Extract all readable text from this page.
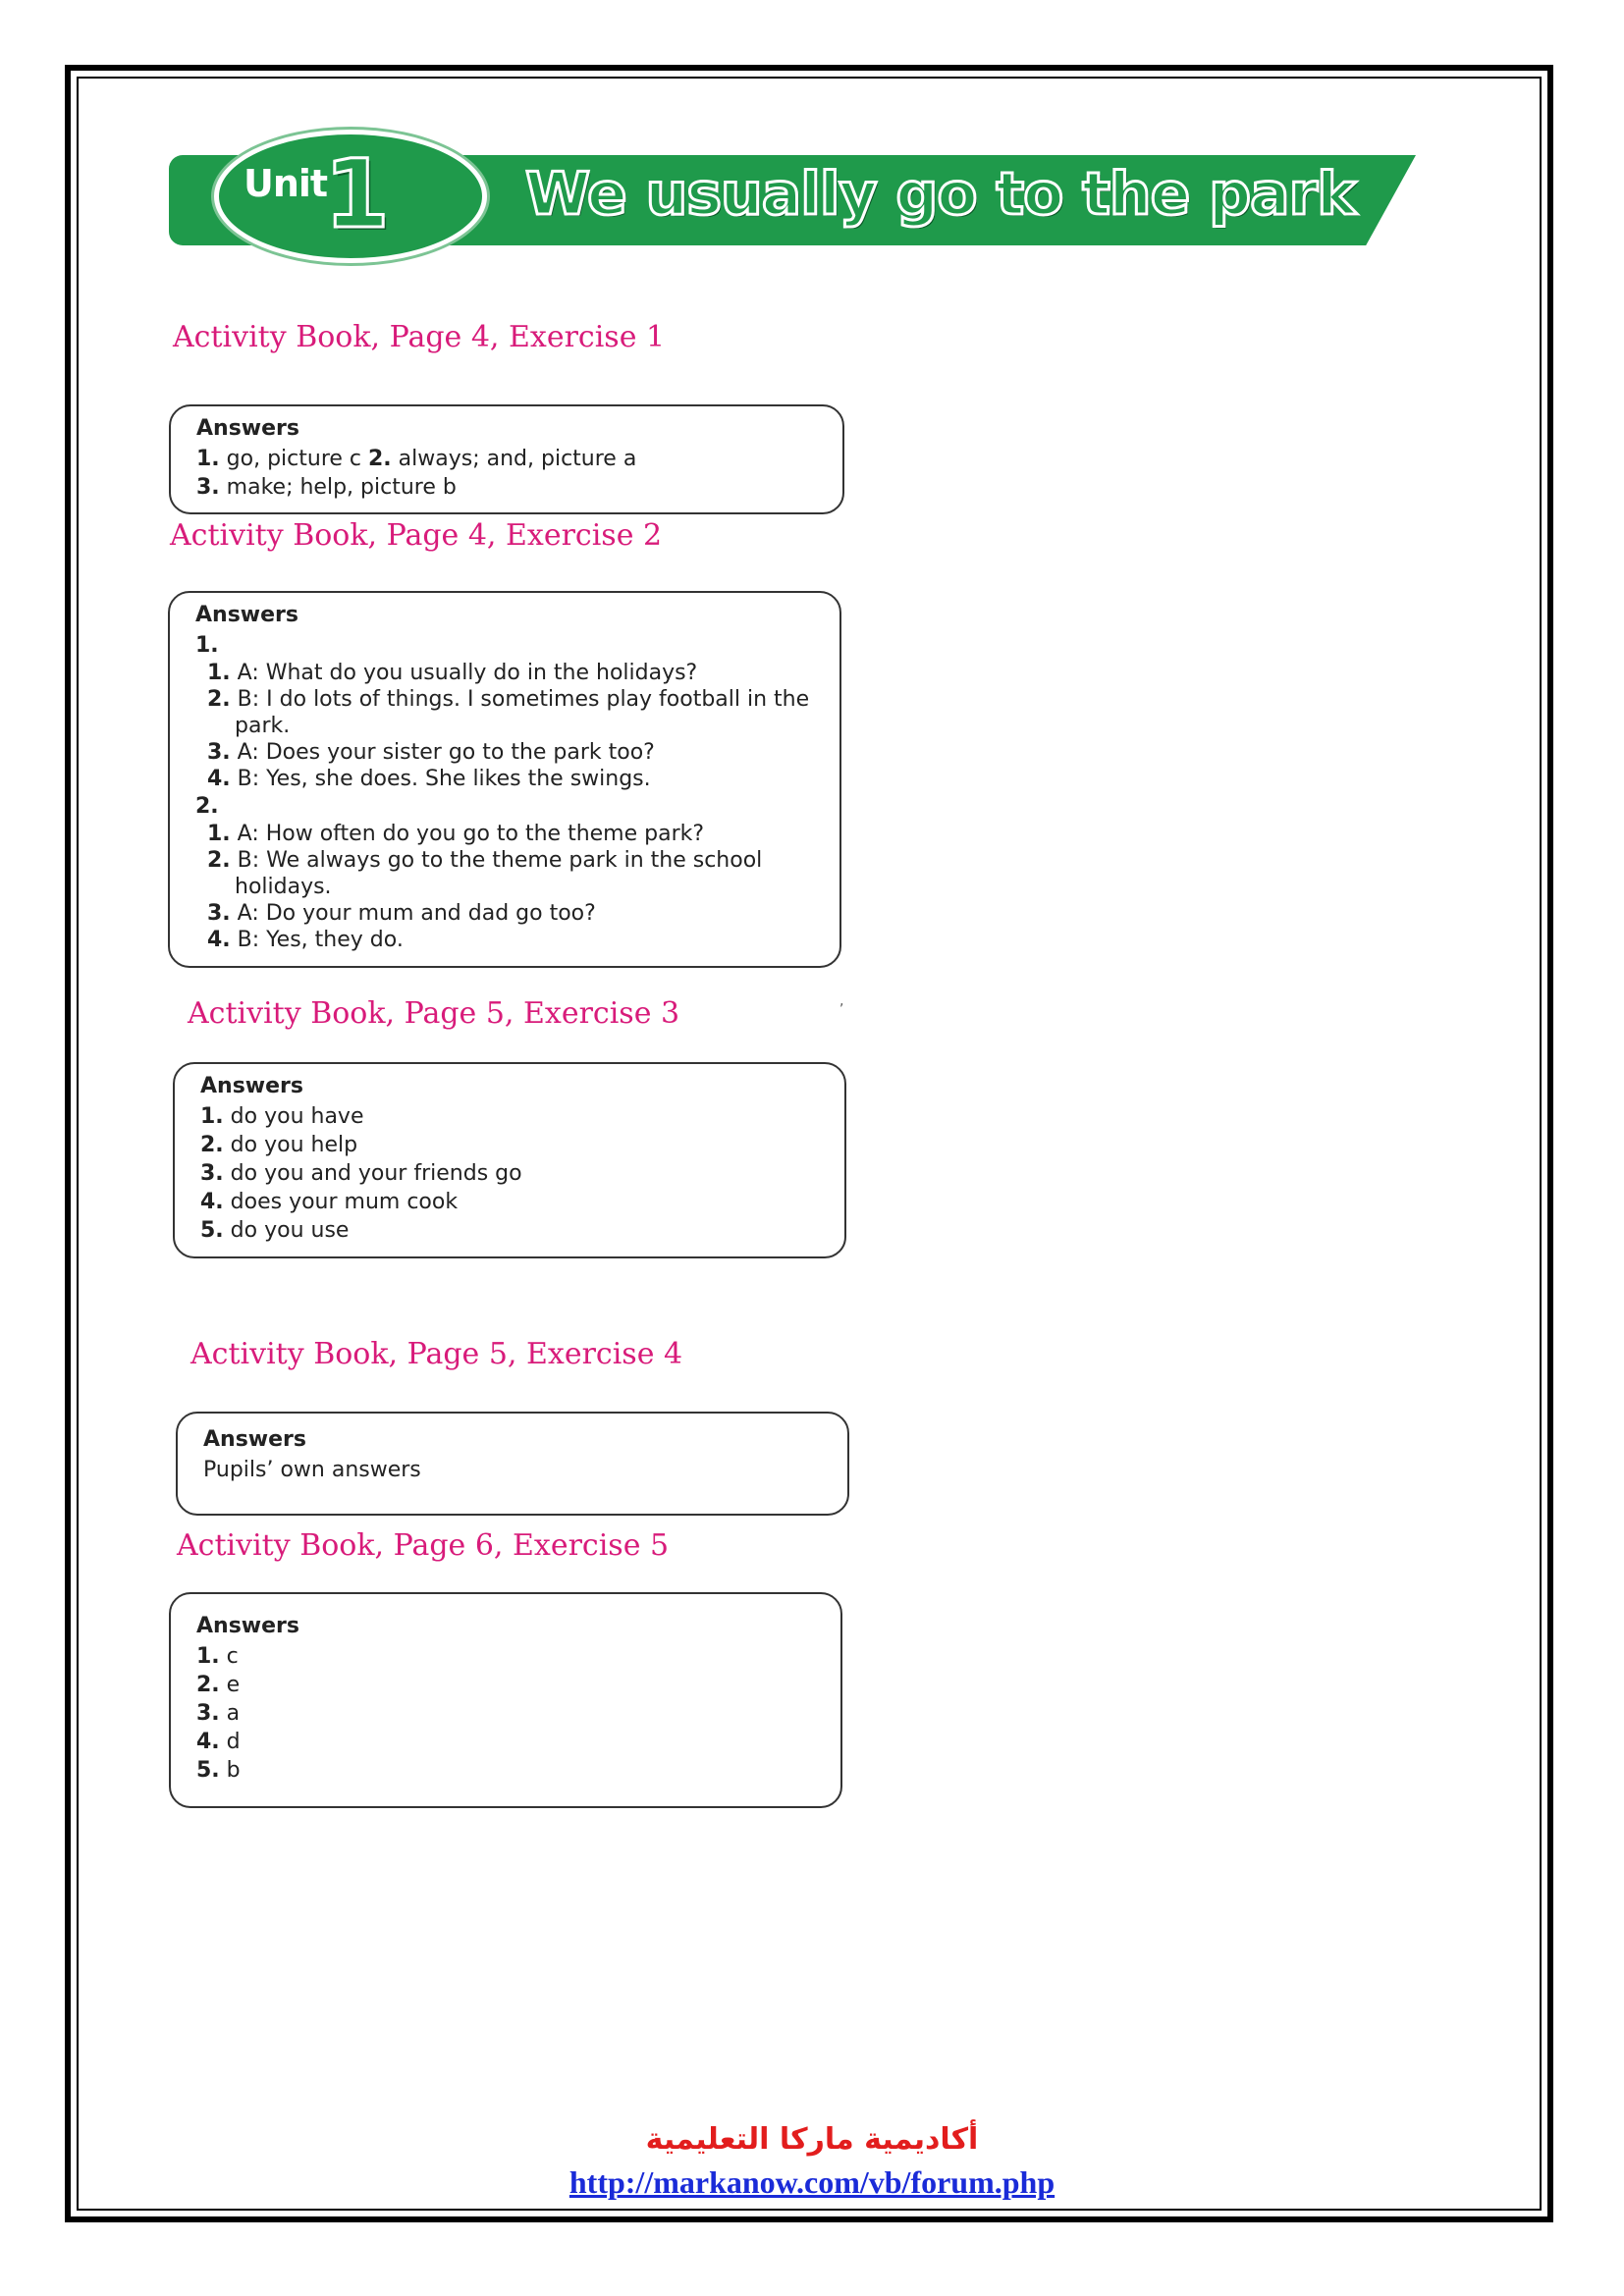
Unit
1 We usually go to the park
Activity Book, Page 4, Exercise 1
Answers
1. go, picture c 2. always; and, picture a
3. make; help, picture b
Activity Book, Page 4, Exercise 2
Answers
1.
1. A: What do you usually do in the holidays?
2. B: I do lots of things. I sometimes play football in the
park.
3. A: Does your sister go to the park too?
4. B: Yes, she does. She likes the swings.
2.
1. A: How often do you go to the theme park?
2. B: We always go to the theme park in the school
holidays.
3. A: Do your mum and dad go too?
4. B: Yes, they do.
,
Activity Book, Page 5, Exercise 3
Answers
1. do you have
2. do you help
3. do you and your friends go
4. does your mum cook
5. do you use
Activity Book, Page 5, Exercise 4
Answers
Pupils’ own answers
Activity Book, Page 6, Exercise 5
Answers
1. c
2. e
3. a
4. d
5. b
أكاديمية ماركا التعليمية
http://markanow.com/vb/forum.php
